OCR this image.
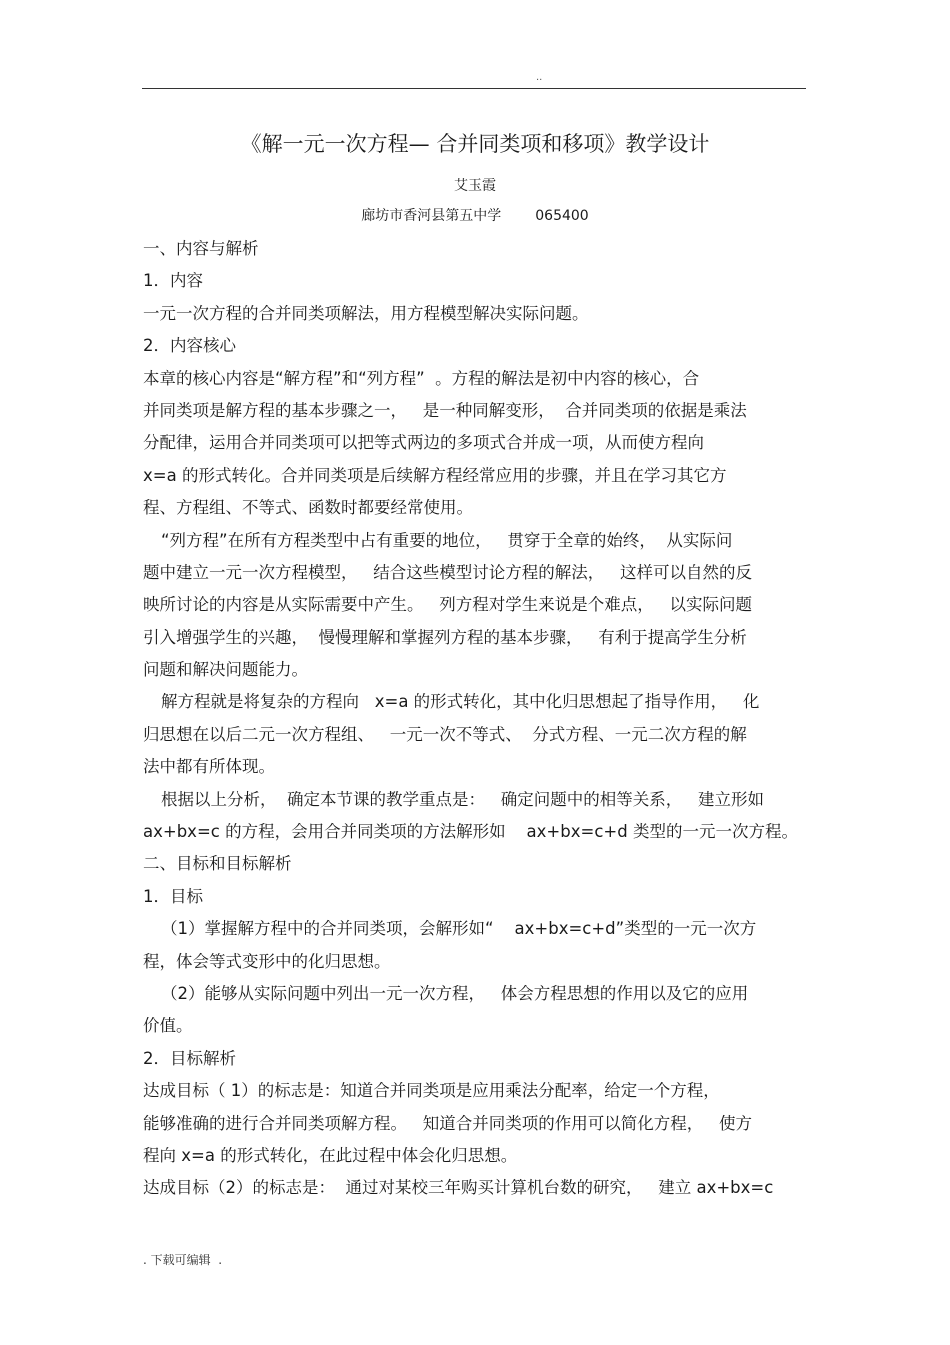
..
《解一元一次方程— 合并同类项和移项》教学设计
艾玉霞
廊坊市香河县第五中学 065400
一、内容与解析
1．内容
一元一次方程的合并同类项解法，用方程模型解决实际问题。
2．内容核心
本章的核心内容是“解方程”和“列方程”  。方程的解法是初中内容的核心，合
并同类项是解方程的基本步骤之一，   是一种同解变形，  合并同类项的依据是乘法
分配律，运用合并同类项可以把等式两边的多项式合并成一项，从而使方程向
x=a 的形式转化。合并同类项是后续解方程经常应用的步骤，并且在学习其它方
程、方程组、不等式、函数时都要经常使用。
“列方程”在所有方程类型中占有重要的地位，   贯穿于全章的始终，  从实际问
题中建立一元一次方程模型，   结合这些模型讨论方程的解法，   这样可以自然的反
映所讨论的内容是从实际需要中产生。   列方程对学生来说是个难点，   以实际问题
引入增强学生的兴趣，  慢慢理解和掌握列方程的基本步骤，   有利于提高学生分析
问题和解决问题能力。
解方程就是将复杂的方程向   x=a 的形式转化，其中化归思想起了指导作用，   化
归思想在以后二元一次方程组、   一元一次不等式、  分式方程、一元二次方程的解
法中都有所体现。
根据以上分析，  确定本节课的教学重点是：   确定问题中的相等关系，   建立形如
ax+bx=c 的方程，会用合并同类项的方法解形如    ax+bx=c+d 类型的一元一次方程。
二、目标和目标解析
1．目标
（1）掌握解方程中的合并同类项，会解形如“    ax+bx=c+d”类型的一元一次方
程，体会等式变形中的化归思想。
（2）能够从实际问题中列出一元一次方程，   体会方程思想的作用以及它的应用
价值。
2．目标解析
达成目标（ 1）的标志是：知道合并同类项是应用乘法分配率，给定一个方程，
能够准确的进行合并同类项解方程。   知道合并同类项的作用可以简化方程，   使方
程向 x=a 的形式转化，在此过程中体会化归思想。
达成目标（2）的标志是：  通过对某校三年购买计算机台数的研究，   建立 ax+bx=c
. 下载可编辑  .
